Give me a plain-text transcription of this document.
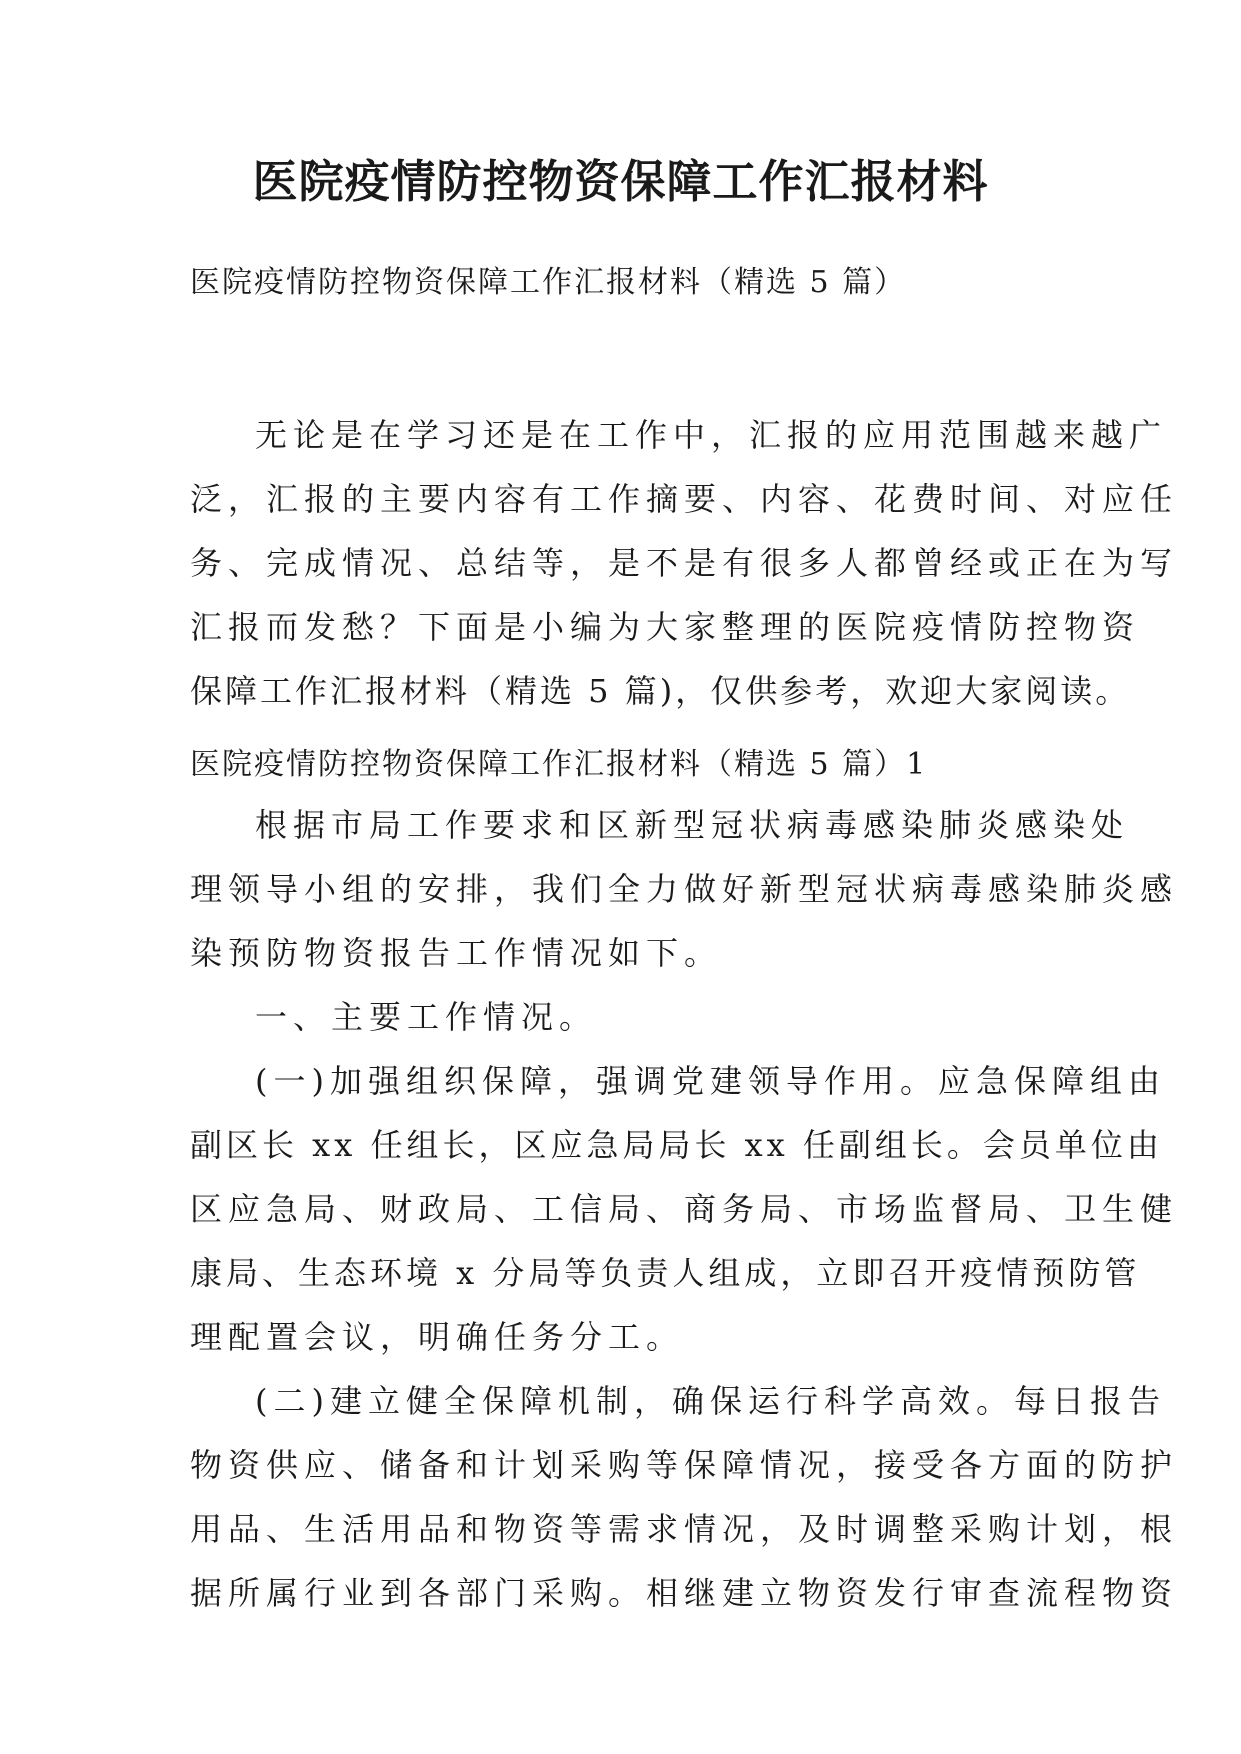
医院疫情防控物资保障工作汇报材料

医院疫情防控物资保障工作汇报材料（精选 5 篇）

无论是在学习还是在工作中，汇报的应用范围越来越广
泛，汇报的主要内容有工作摘要、内容、花费时间、对应任
务、完成情况、总结等，是不是有很多人都曾经或正在为写
汇报而发愁？下面是小编为大家整理的医院疫情防控物资
保障工作汇报材料（精选 5 篇)，仅供参考，欢迎大家阅读。

医院疫情防控物资保障工作汇报材料（精选 5 篇）1

根据市局工作要求和区新型冠状病毒感染肺炎感染处
理领导小组的安排，我们全力做好新型冠状病毒感染肺炎感
染预防物资报告工作情况如下。

一、主要工作情况。

(一)加强组织保障，强调党建领导作用。应急保障组由
副区长 xx 任组长，区应急局局长 xx 任副组长。会员单位由
区应急局、财政局、工信局、商务局、市场监督局、卫生健
康局、生态环境 x 分局等负责人组成，立即召开疫情预防管
理配置会议，明确任务分工。

(二)建立健全保障机制，确保运行科学高效。每日报告
物资供应、储备和计划采购等保障情况，接受各方面的防护
用品、生活用品和物资等需求情况，及时调整采购计划，根
据所属行业到各部门采购。相继建立物资发行审查流程物资
